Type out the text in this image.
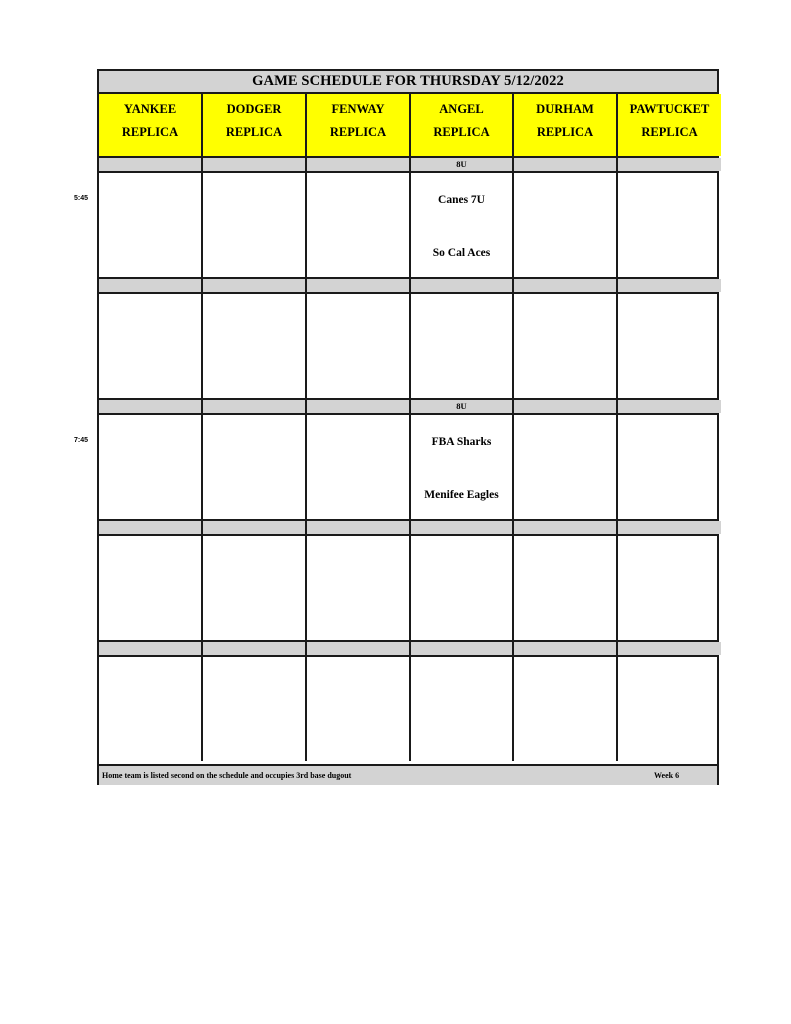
GAME SCHEDULE FOR THURSDAY 5/12/2022
YANKEE
REPLICA
DODGER
REPLICA
FENWAY
REPLICA
ANGEL
REPLICA
DURHAM
REPLICA
PAWTUCKET
REPLICA
8U
Canes 7U
So Cal Aces
8U
FBA Sharks
Menifee Eagles
Home team is listed second on the schedule and occupies 3rd base dugout	Week 6
5:45
7:45
